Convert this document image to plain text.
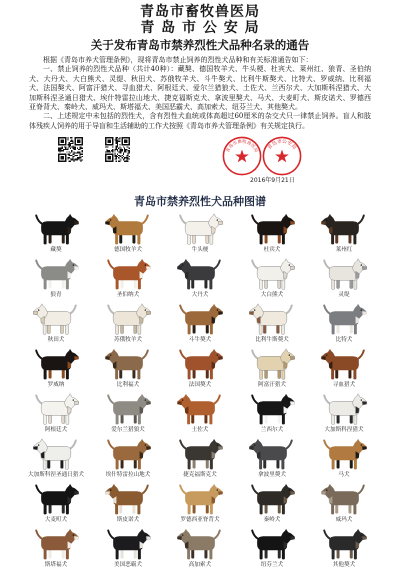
青岛市畜牧兽医局
青 岛 市 公 安 局
关于发布青岛市禁养烈性犬品种名录的通告

根据《青岛市养犬管理条例》，现将青岛市禁止饲养的烈性犬品种和有关标准通告如下：

一、禁止饲养的烈性犬品种（共计40种）：藏獒、德国牧羊犬、牛头梗、杜宾犬、莱州红、狼青、圣伯纳犬、大丹犬、大白熊犬、灵缇、秋田犬、苏俄牧羊犬、斗牛獒犬、比利牛斯獒犬、比特犬、罗威纳、比利福犬、法国獒犬、阿富汗猎犬、寻血猎犬、阿根廷犬、爱尔兰猎狼犬、土佐犬、兰西尔犬、大加斯科涅猎犬、大加斯科涅圣通日猎犬、埃什特雷拉山地犬、捷克福斯克犬、拿波里獒犬、马犬、大麦町犬、斯皮诺犬、罗德西亚脊背犬、秦岭犬、威玛犬、斯塔福犬、美国恶霸犬、高加索犬、纽芬兰犬、其他獒犬。

二、上述规定中未包括的烈性犬，含有烈性犬血统或体高超过60厘米的杂交犬只一律禁止饲养。盲人和肢体残疾人饲养的用于导盲和生活辅助的工作犬按照《青岛市养犬管理条例》有关规定执行。

青岛市畜牧兽医局	青岛市公安局
2016年9月21日
青岛市禁养烈性犬品种图谱
藏獒	德国牧羊犬	牛头梗	杜宾犬	莱州红
狼青	圣伯纳犬	大丹犬	大白熊犬	灵缇
秋田犬	苏俄牧羊犬	斗牛獒犬	比利牛斯獒犬	比特犬
罗威纳	比利福犬	法国獒犬	阿富汗猎犬	寻血猎犬
阿根廷犬	爱尔兰猎狼犬	土佐犬	兰西尔犬	大加斯科涅猎犬
大加斯科涅圣通日猎犬	埃什特雷拉山地犬	捷克福斯克犬	拿波里獒犬	马犬
大麦町犬	斯皮诺犬	罗德西亚脊背犬	秦岭犬	威玛犬
斯塔福犬	美国恶霸犬	高加索犬	纽芬兰犬	其他獒犬
